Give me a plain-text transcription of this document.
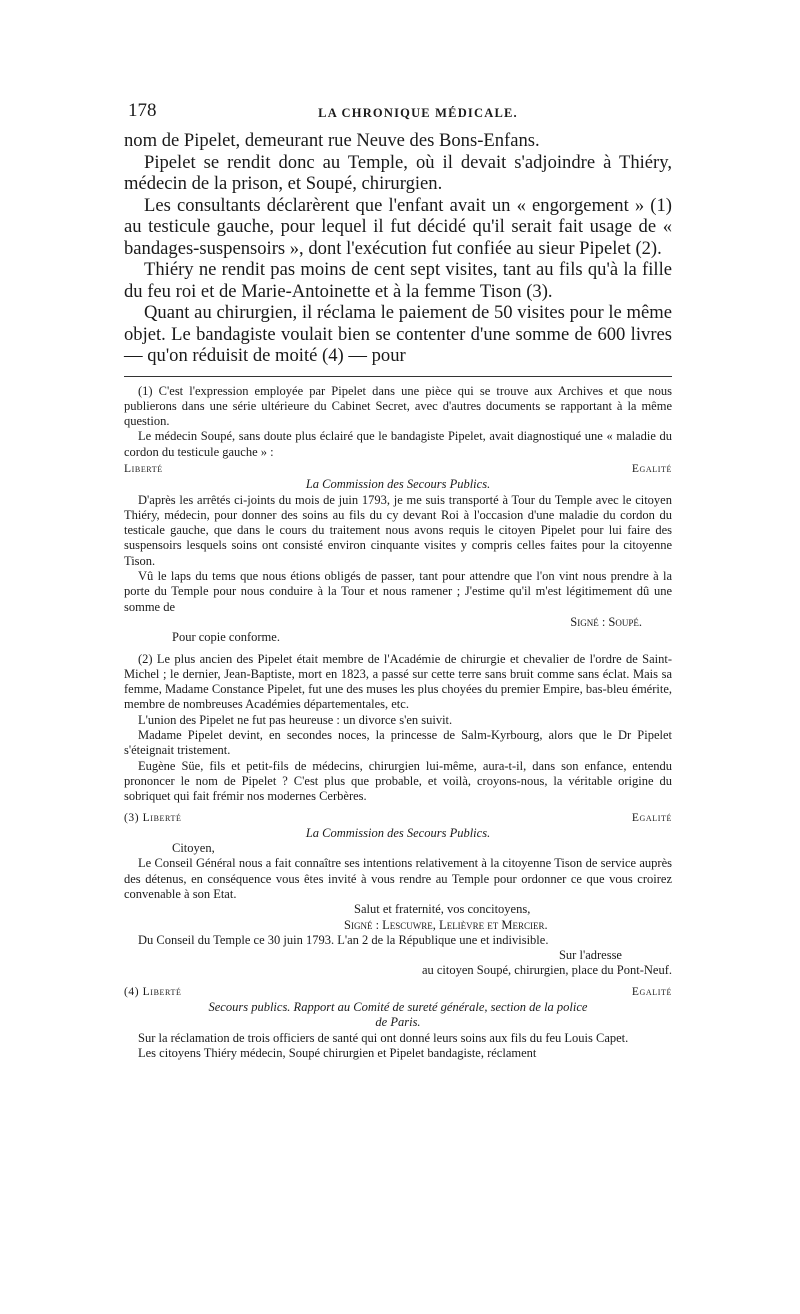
178	LA CHRONIQUE MÉDICALE.

nom de Pipelet, demeurant rue Neuve des Bons-Enfans.

Pipelet se rendit donc au Temple, où il devait s'adjoindre à Thiéry, médecin de la prison, et Soupé, chirurgien.

Les consultants déclarèrent que l'enfant avait un « engorgement » (1) au testicule gauche, pour lequel il fut décidé qu'il serait fait usage de « bandages-suspensoirs », dont l'exécution fut confiée au sieur Pipelet (2).

Thiéry ne rendit pas moins de cent sept visites, tant au fils qu'à la fille du feu roi et de Marie-Antoinette et à la femme Tison (3).

Quant au chirurgien, il réclama le paiement de 50 visites pour le même objet. Le bandagiste voulait bien se contenter d'une somme de 600 livres — qu'on réduisit de moité (4) — pour

(1) C'est l'expression employée par Pipelet dans une pièce qui se trouve aux Archives et que nous publierons dans une série ultérieure du Cabinet Secret, avec d'autres documents se rapportant à la même question.

Le médecin Soupé, sans doute plus éclairé que le bandagiste Pipelet, avait diagnostiqué une « maladie du cordon du testicule gauche » :

Liberté	Egalité
La Commission des Secours Publics.

D'après les arrêtés ci-joints du mois de juin 1793, je me suis transporté à Tour du Temple avec le citoyen Thiéry, médecin, pour donner des soins au fils du cy devant Roi à l'occasion d'une maladie du cordon du testicale gauche, que dans le cours du traitement nous avons requis le citoyen Pipelet pour lui faire des suspensoirs lesquels soins ont consisté environ cinquante visites y compris celles faites pour la citoyenne Tison.

Vû le laps du tems que nous étions obligés de passer, tant pour attendre que l'on vint nous prendre à la porte du Temple pour nous conduire à la Tour et nous ramener ; J'estime qu'il m'est légitimement dû une somme de

Signé : Soupé.
Pour copie conforme.

(2) Le plus ancien des Pipelet était membre de l'Académie de chirurgie et chevalier de l'ordre de Saint-Michel ; le dernier, Jean-Baptiste, mort en 1823, a passé sur cette terre sans bruit comme sans éclat. Mais sa femme, Madame Constance Pipelet, fut une des muses les plus choyées du premier Empire, bas-bleu émérite, membre de nombreuses Académies départementales, etc.

L'union des Pipelet ne fut pas heureuse : un divorce s'en suivit.

Madame Pipelet devint, en secondes noces, la princesse de Salm-Kyrbourg, alors que le Dr Pipelet s'éteignait tristement.

Eugène Süe, fils et petit-fils de médecins, chirurgien lui-même, aura-t-il, dans son enfance, entendu prononcer le nom de Pipelet ? C'est plus que probable, et voilà, croyons-nous, la véritable origine du sobriquet qui fait frémir nos modernes Cerbères.

(3) Liberté	Egalité
La Commission des Secours Publics.
Citoyen,

Le Conseil Général nous a fait connaître ses intentions relativement à la citoyenne Tison de service auprès des détenus, en conséquence vous êtes invité à vous rendre au Temple pour ordonner ce que vous croirez convenable à son Etat.

Salut et fraternité, vos concitoyens,
Signé : Lescuwre, Lelièvre et Mercier.

Du Conseil du Temple ce 30 juin 1793. L'an 2 de la République une et indivisible.

Sur l'adresse
au citoyen Soupé, chirurgien, place du Pont-Neuf.
(4) Liberté	Egalité
Secours publics. Rapport au Comité de sureté générale, section de la police
de Paris.

Sur la réclamation de trois officiers de santé qui ont donné leurs soins aux fils du feu Louis Capet.

Les citoyens Thiéry médecin, Soupé chirurgien et Pipelet bandagiste, réclament
